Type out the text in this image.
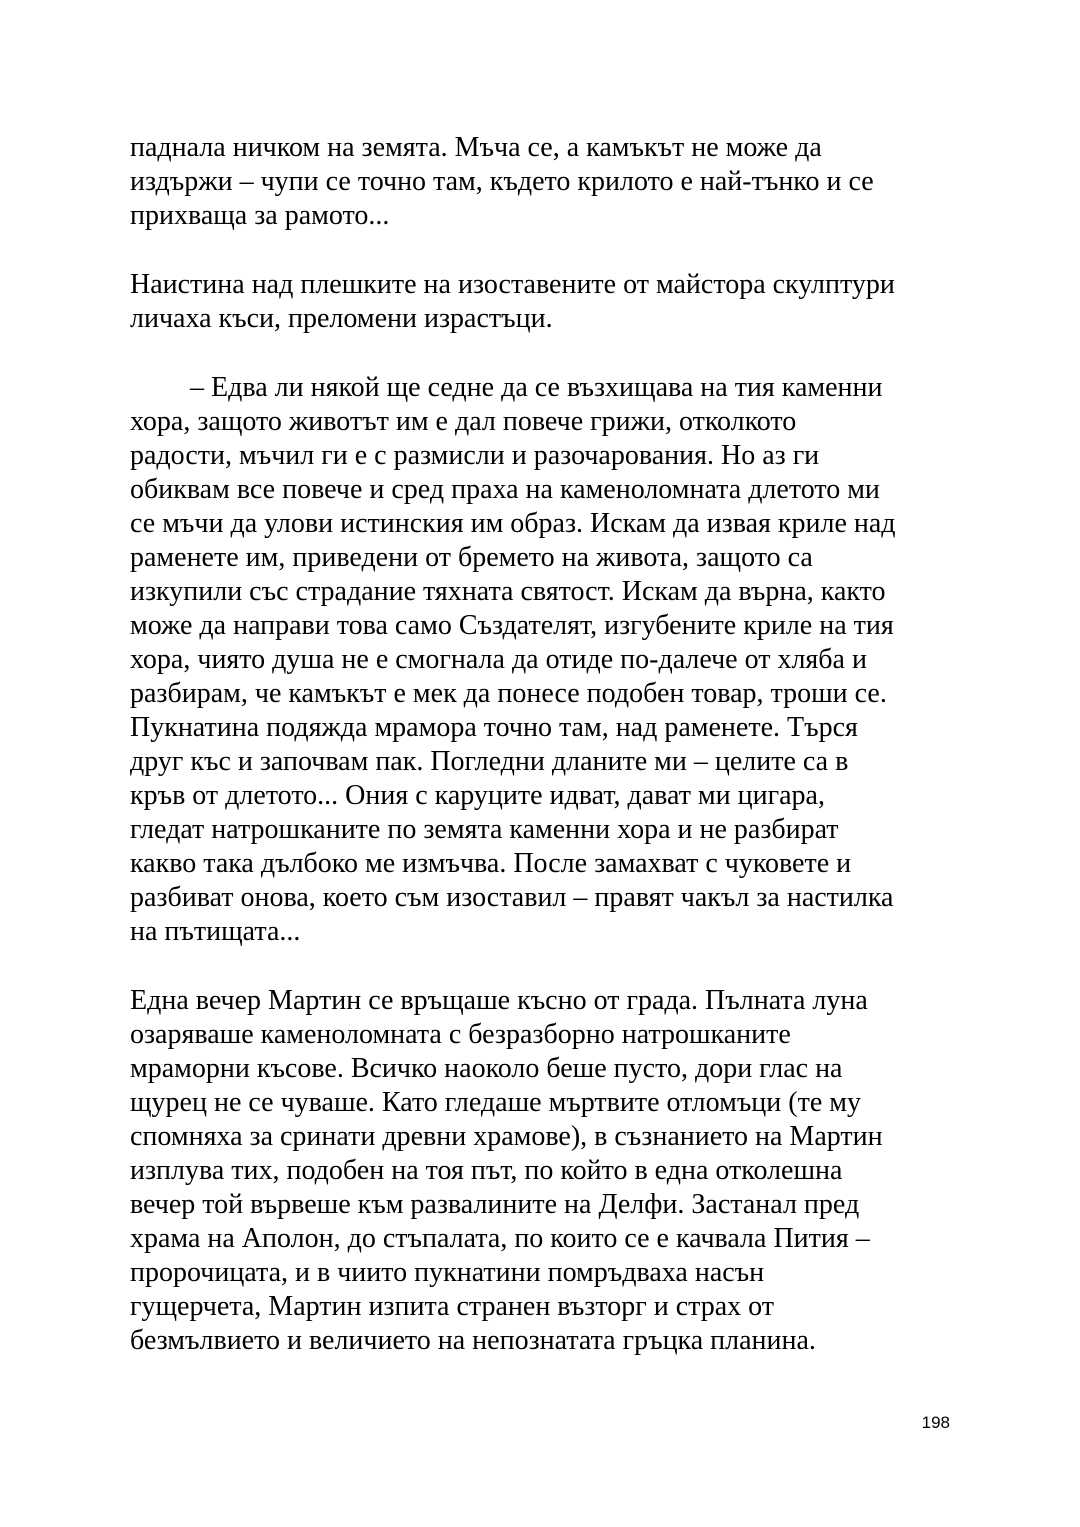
паднала ничком на земята. Мъча се, а камъкът не може да
издържи – чупи се точно там, където крилото е най-тънко и се
прихваща за рамото...
Наистина над плешките на изоставените от майстора скулптури
личаха къси, преломени израстъци.
– Едва ли някой ще седне да се възхищава на тия каменни
хора, защото животът им е дал повече грижи, отколкото
радости, мъчил ги е с размисли и разочарования. Но аз ги
обиквам все повече и сред праха на каменоломната длетото ми
се мъчи да улови истинския им образ. Искам да извая криле над
раменете им, приведени от бремето на живота, защото са
изкупили със страдание тяхната святост. Искам да върна, както
може да направи това само Създателят, изгубените криле на тия
хора, чиято душа не е смогнала да отиде по-далече от хляба и
разбирам, че камъкът е мек да понесе подобен товар, троши се.
Пукнатина подяжда мрамора точно там, над раменете. Търся
друг къс и започвам пак. Погледни дланите ми – целите са в
кръв от длетото... Ония с каруците идват, дават ми цигара,
гледат натрошканите по земята каменни хора и не разбират
какво така дълбоко ме измъчва. После замахват с чуковете и
разбиват онова, което съм изоставил – правят чакъл за настилка
на пътищата...
Една вечер Мартин се връщаше късно от града. Пълната луна
озаряваше каменоломната с безразборно натрошканите
мраморни късове. Всичко наоколо беше пусто, дори глас на
щурец не се чуваше. Като гледаше мъртвите отломъци (те му
спомняха за сринати древни храмове), в съзнанието на Мартин
изплува тих, подобен на тоя път, по който в една отколешна
вечер той вървеше към развалините на Делфи. Застанал пред
храма на Аполон, до стъпалата, по които се е качвала Пития –
пророчицата, и в чиито пукнатини помръдваха насън
гущерчета, Мартин изпита странен възторг и страх от
безмълвието и величието на непознатата гръцка планина.
198
